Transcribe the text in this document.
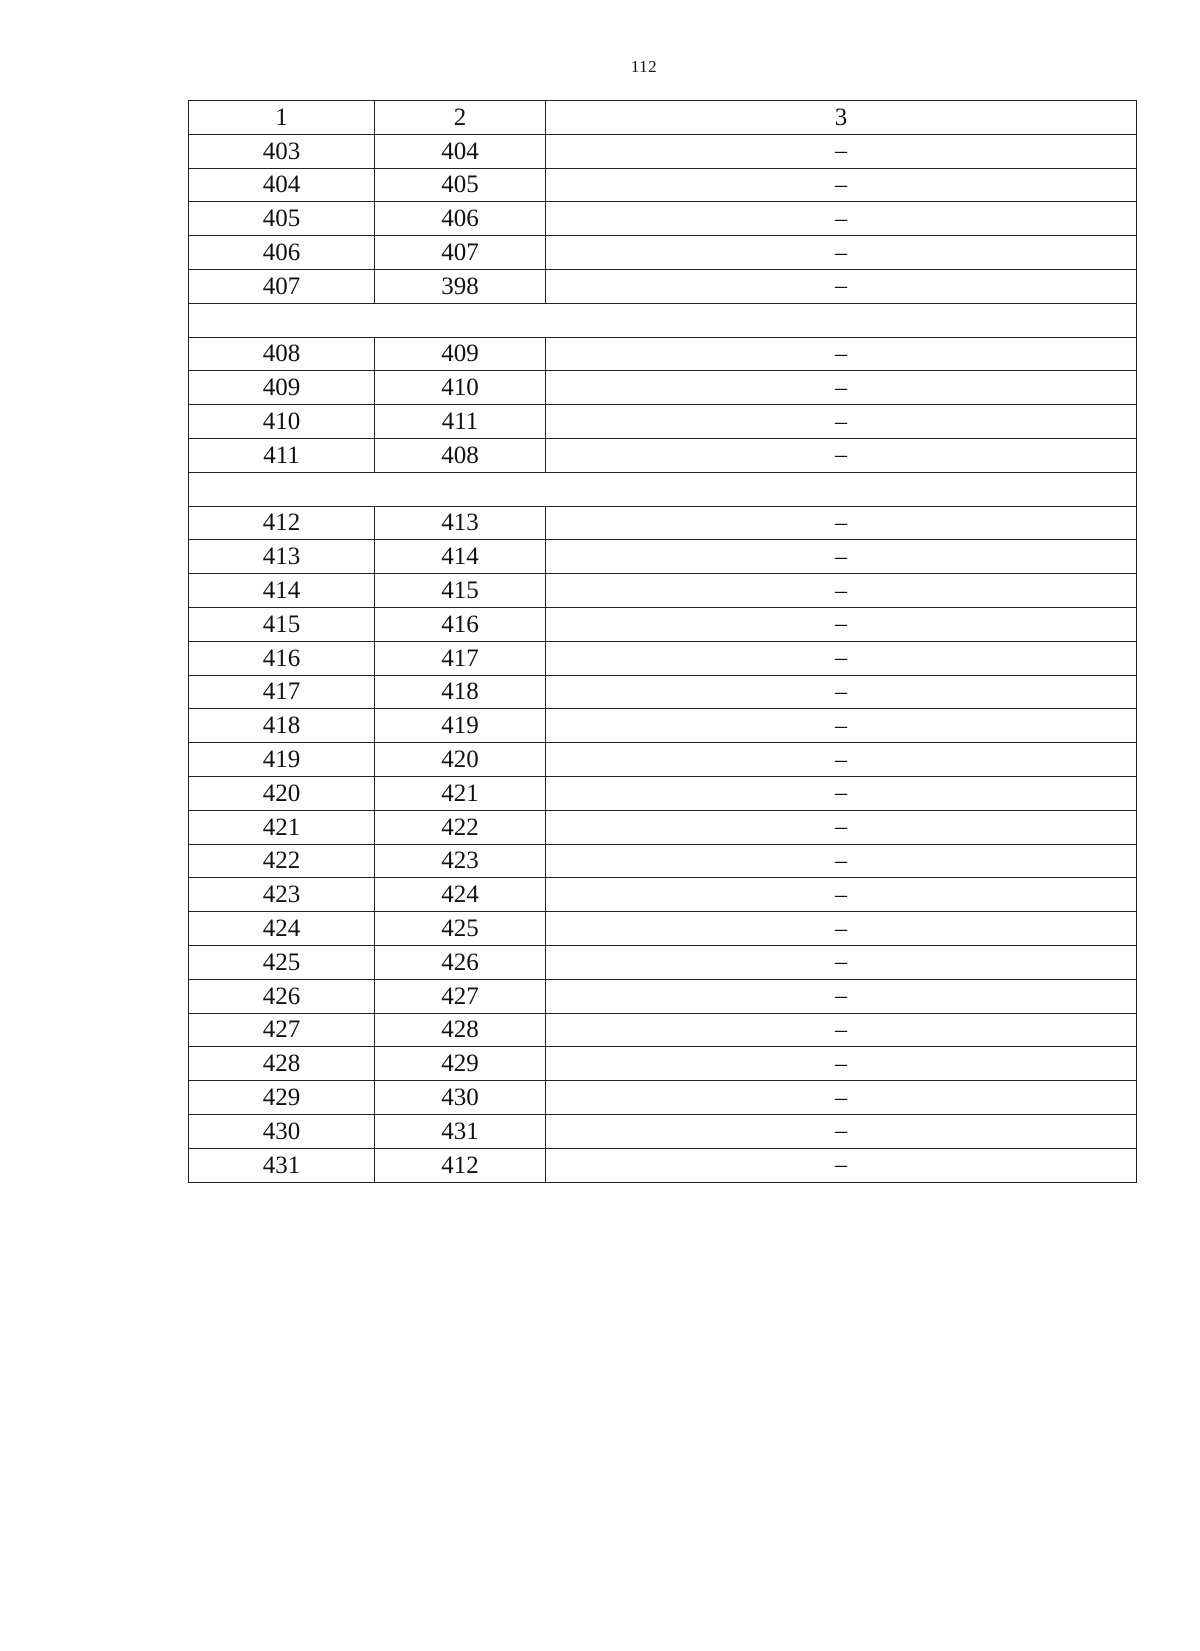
112
1	2	3
403	404	–
404	405	–
405	406	–
406	407	–
407	398	–

408	409	–
409	410	–
410	411	–
411	408	–

412	413	–
413	414	–
414	415	–
415	416	–
416	417	–
417	418	–
418	419	–
419	420	–
420	421	–
421	422	–
422	423	–
423	424	–
424	425	–
425	426	–
426	427	–
427	428	–
428	429	–
429	430	–
430	431	–
431	412	–
